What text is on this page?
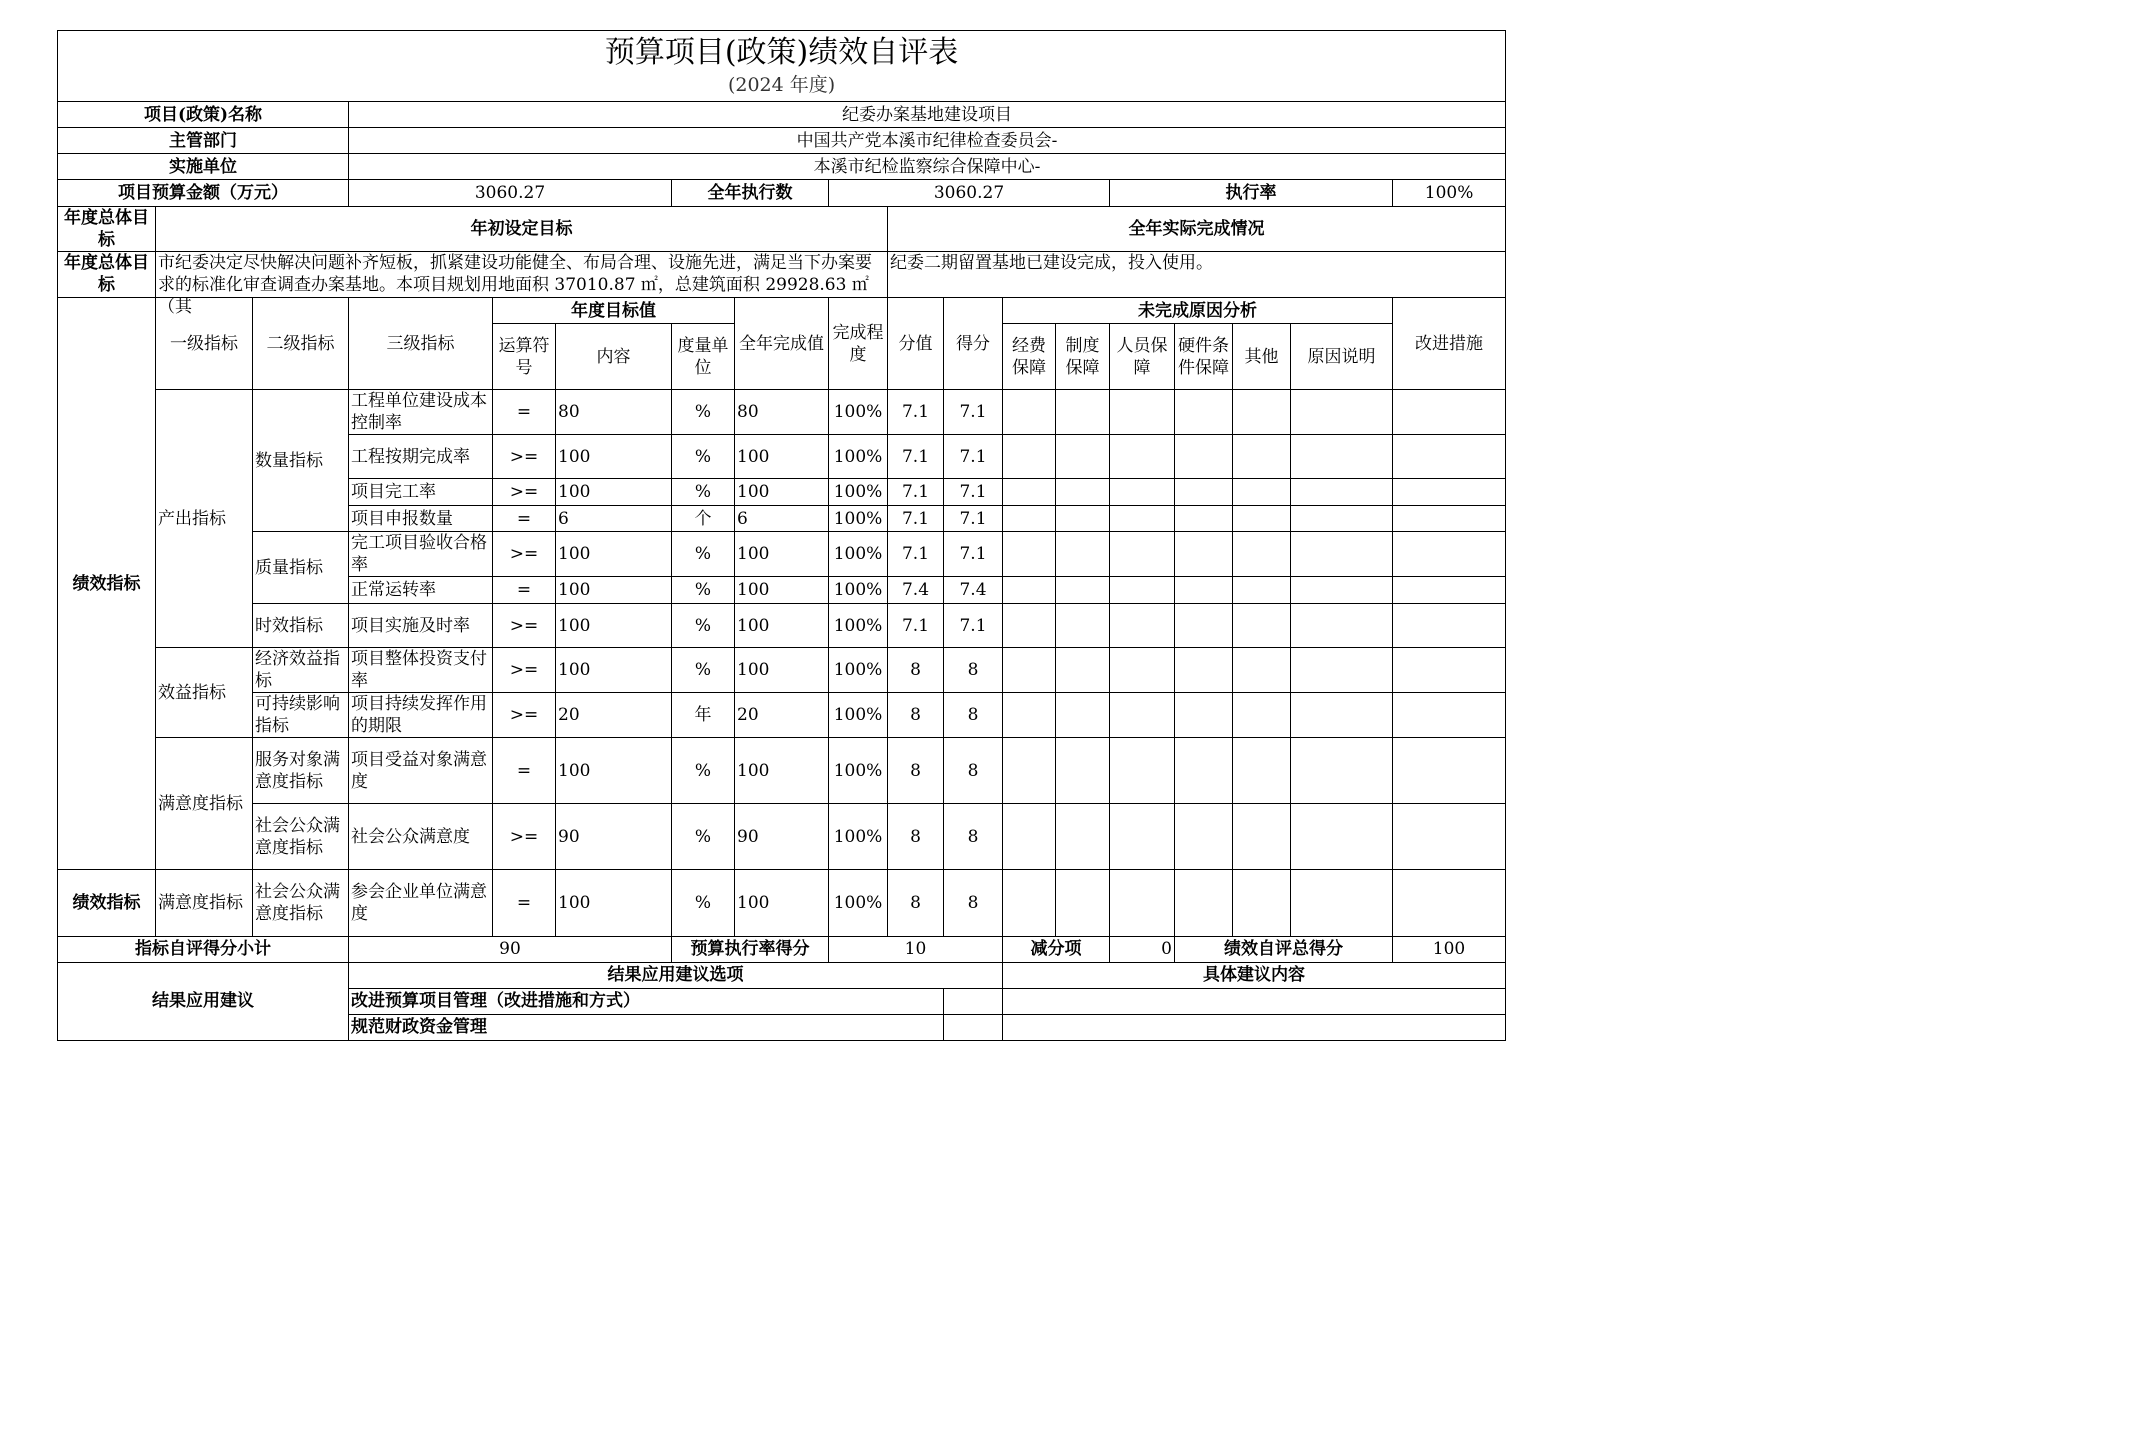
预算项目(政策)绩效自评表																	
(2024 年度)																	
项目(政策)名称			纪委办案基地建设项目														
主管部门			中国共产党本溪市纪律检查委员会-														
实施单位			本溪市纪检监察综合保障中心-														
项目预算金额（万元）			3060.27			全年执行数		3060.27					执行率				100%
年度总体目标	年初设定目标								全年实际完成情况								

年度总体目标	市纪委决定尽快解决问题补齐短板，抓紧建设功能健全、布局合理、设施先进，满足当下办案要求的标准化审查调查办案基地。本项目规划用地面积 37010.87 ㎡，总建筑面积 29928.63 ㎡（其								纪委二期留置基地已建设完成，投入使用。								

绩效指标	一级指标	二级指标	三级指标	年度目标值			全年完成值	完成程度	分值	得分	未完成原因分析						改进措施
				运算符号	内容	度量单位					经费保障	制度保障	人员保障	硬件条件保障	其他	原因说明	
	产出指标	数量指标	工程单位建设成本控制率	=	80	%	80	100%	7.1	7.1							
			工程按期完成率	>=	100	%	100	100%	7.1	7.1							
			项目完工率	>=	100	%	100	100%	7.1	7.1							
			项目申报数量	=	6	个	6	100%	7.1	7.1							
		质量指标	完工项目验收合格率	>=	100	%	100	100%	7.1	7.1							
			正常运转率	=	100	%	100	100%	7.4	7.4							
		时效指标	项目实施及时率	>=	100	%	100	100%	7.1	7.1							
	效益指标	经济效益指标	项目整体投资支付率	>=	100	%	100	100%	8	8							
		可持续影响指标	项目持续发挥作用的期限	>=	20	年	20	100%	8	8							
	满意度指标	服务对象满意度指标	项目受益对象满意度	=	100	%	100	100%	8	8							
		社会公众满意度指标	社会公众满意度	>=	90	%	90	100%	8	8							
绩效指标	满意度指标	社会公众满意度指标	参会企业单位满意度	=	100	%	100	100%	8	8							
指标自评得分小计			90			预算执行率得分		10			减分项		0	绩效自评总得分			100
结果应用建议			结果应用建议选项								具体建议内容						
			改进预算项目管理（改进措施和方式）														
			规范财政资金管理														
